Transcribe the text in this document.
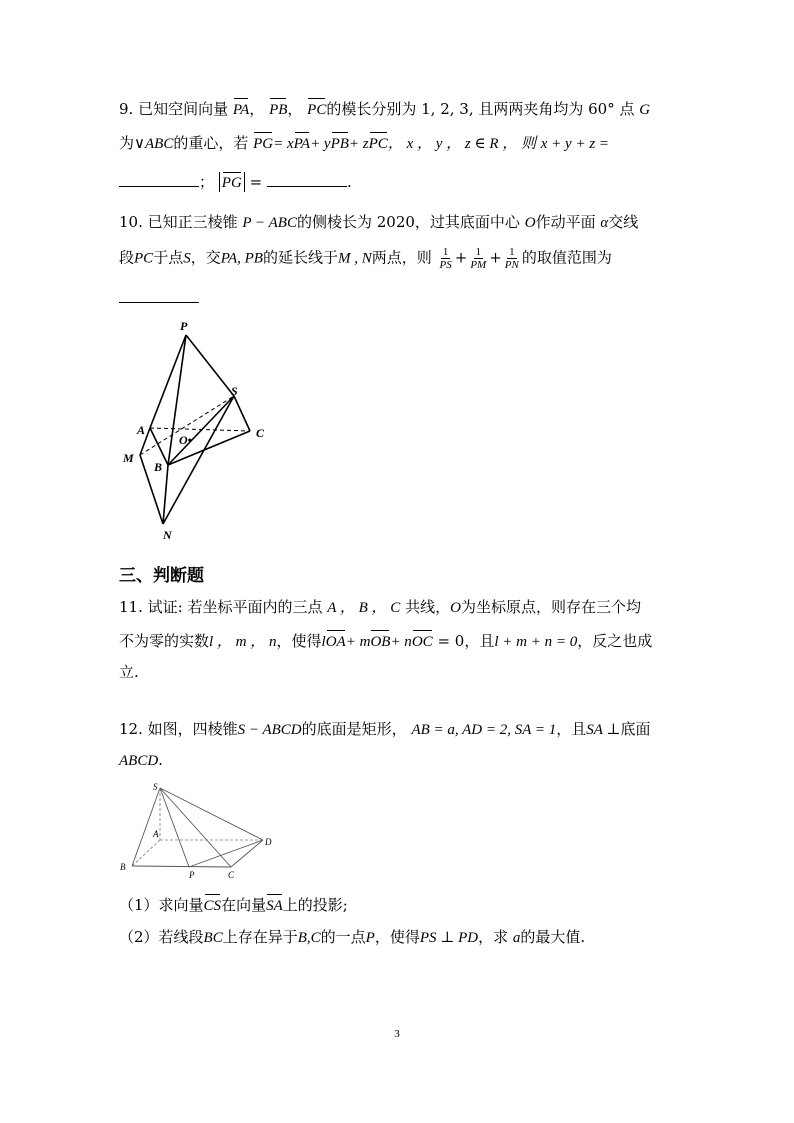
9. 已知空间向量 PA， PB， PC的模长分别为 1, 2, 3, 且两两夹角均为 60° 点 G
为∨ABC的重心，若 PG= xPA+ yPB+ zPC， x ， y ， z ∈ R ， 则 x + y + z =
； PG =	.
10. 已知正三棱锥 P − ABC的侧棱长为 2020，过其底面中心 O作动平面 α交线
段PC于点S，交PA, PB的延长线于M , N两点，则 $\frac{1}{PS} + \frac{1}{PM} + \frac{1}{PN}$ 的取值范围为
P
S
A
O•	C
M
B
N
三、判断题
11. 试证: 若坐标平面内的三点 A ， B ， C 共线，O为坐标原点，则存在三个均
不为零的实数l ， m ， n，使得lOA+ mOB+ nOC = 0，且l + m + n = 0，反之也成
立.
12. 如图，四棱锥S − ABCD的底面是矩形， AB = a, AD = 2, SA = 1，且SA ⊥底面
ABCD.
S
A
D
B
P	C
（1）求向量CS在向量SA上的投影;
（2）若线段BC上存在异于B,C的一点P，使得PS ⊥ PD，求 a的最大值.
3
